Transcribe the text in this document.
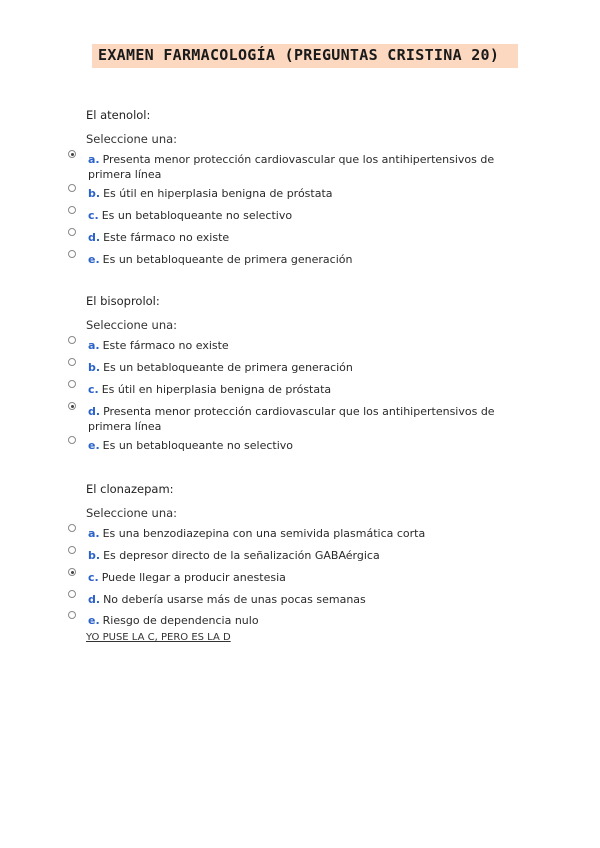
EXAMEN FARMACOLOGÍA (PREGUNTAS CRISTINA 20)
El atenolol:
Seleccione una:
a. Presenta menor protección cardiovascular que los antihipertensivos de primera línea
b. Es útil en hiperplasia benigna de próstata
c. Es un betabloqueante no selectivo
d. Este fármaco no existe
e. Es un betabloqueante de primera generación
El bisoprolol:
Seleccione una:
a. Este fármaco no existe
b. Es un betabloqueante de primera generación
c. Es útil en hiperplasia benigna de próstata
d. Presenta menor protección cardiovascular que los antihipertensivos de primera línea
e. Es un betabloqueante no selectivo
El clonazepam:
Seleccione una:
a. Es una benzodiazepina con una semivida plasmática corta
b. Es depresor directo de la señalización GABAérgica
c. Puede llegar a producir anestesia
d. No debería usarse más de unas pocas semanas
e. Riesgo de dependencia nulo
YO PUSE LA C, PERO ES LA D
